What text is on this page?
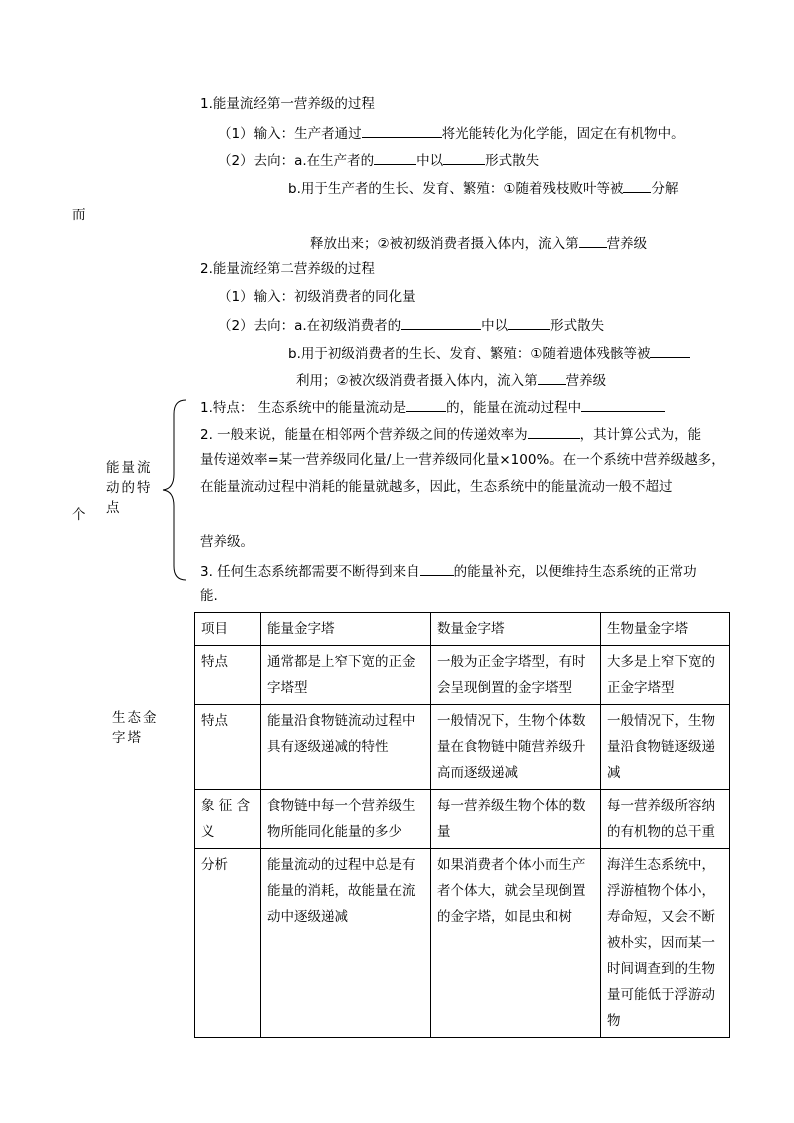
1.能量流经第一营养级的过程
（1）输入：生产者通过	将光能转化为化学能，固定在有机物中。
（2）去向：a.在生产者的	中以	形式散失
b.用于生产者的生长、发育、繁殖：①随着残枝败叶等被 分解
而
释放出来；②被初级消费者摄入体内，流入第 营养级
2.能量流经第二营养级的过程
（1）输入：初级消费者的同化量
（2）去向：a.在初级消费者的	中以	形式散失
b.用于初级消费者的生长、发育、繁殖：①随着遗体残骸等被
利用；②被次级消费者摄入体内，流入第 营养级
能量流动的特点
1.特点： 生态系统中的能量流动是	的，能量在流动过程中
2. 一般来说，能量在相邻两个营养级之间的传递效率为	，其计算公式为，能
量传递效率=某一营养级同化量/上一营养级同化量×100%。在一个系统中营养级越多，
在能量流动过程中消耗的能量就越多，因此，生态系统中的能量流动一般不超过
个
营养级。
3. 任何生态系统都需要不断得到来自	的能量补充，以便维持生态系统的正常功
能.
生态金字塔
项目	能量金字塔	数量金字塔	生物量金字塔
特点	通常都是上窄下宽的正金字塔型	一般为正金字塔型，有时会呈现倒置的金字塔型	大多是上窄下宽的正金字塔型
特点	能量沿食物链流动过程中具有逐级递减的特性	一般情况下，生物个体数量在食物链中随营养级升高而逐级递减	一般情况下，生物量沿食物链逐级递减
象 征 含义	食物链中每一个营养级生物所能同化能量的多少	每一营养级生物个体的数量	每一营养级所容纳的有机物的总干重
分析	能量流动的过程中总是有能量的消耗，故能量在流动中逐级递减	如果消费者个体小而生产者个体大，就会呈现倒置的金字塔，如昆虫和树	海洋生态系统中，浮游植物个体小，寿命短，又会不断被朴实，因而某一时间调查到的生物量可能低于浮游动物
